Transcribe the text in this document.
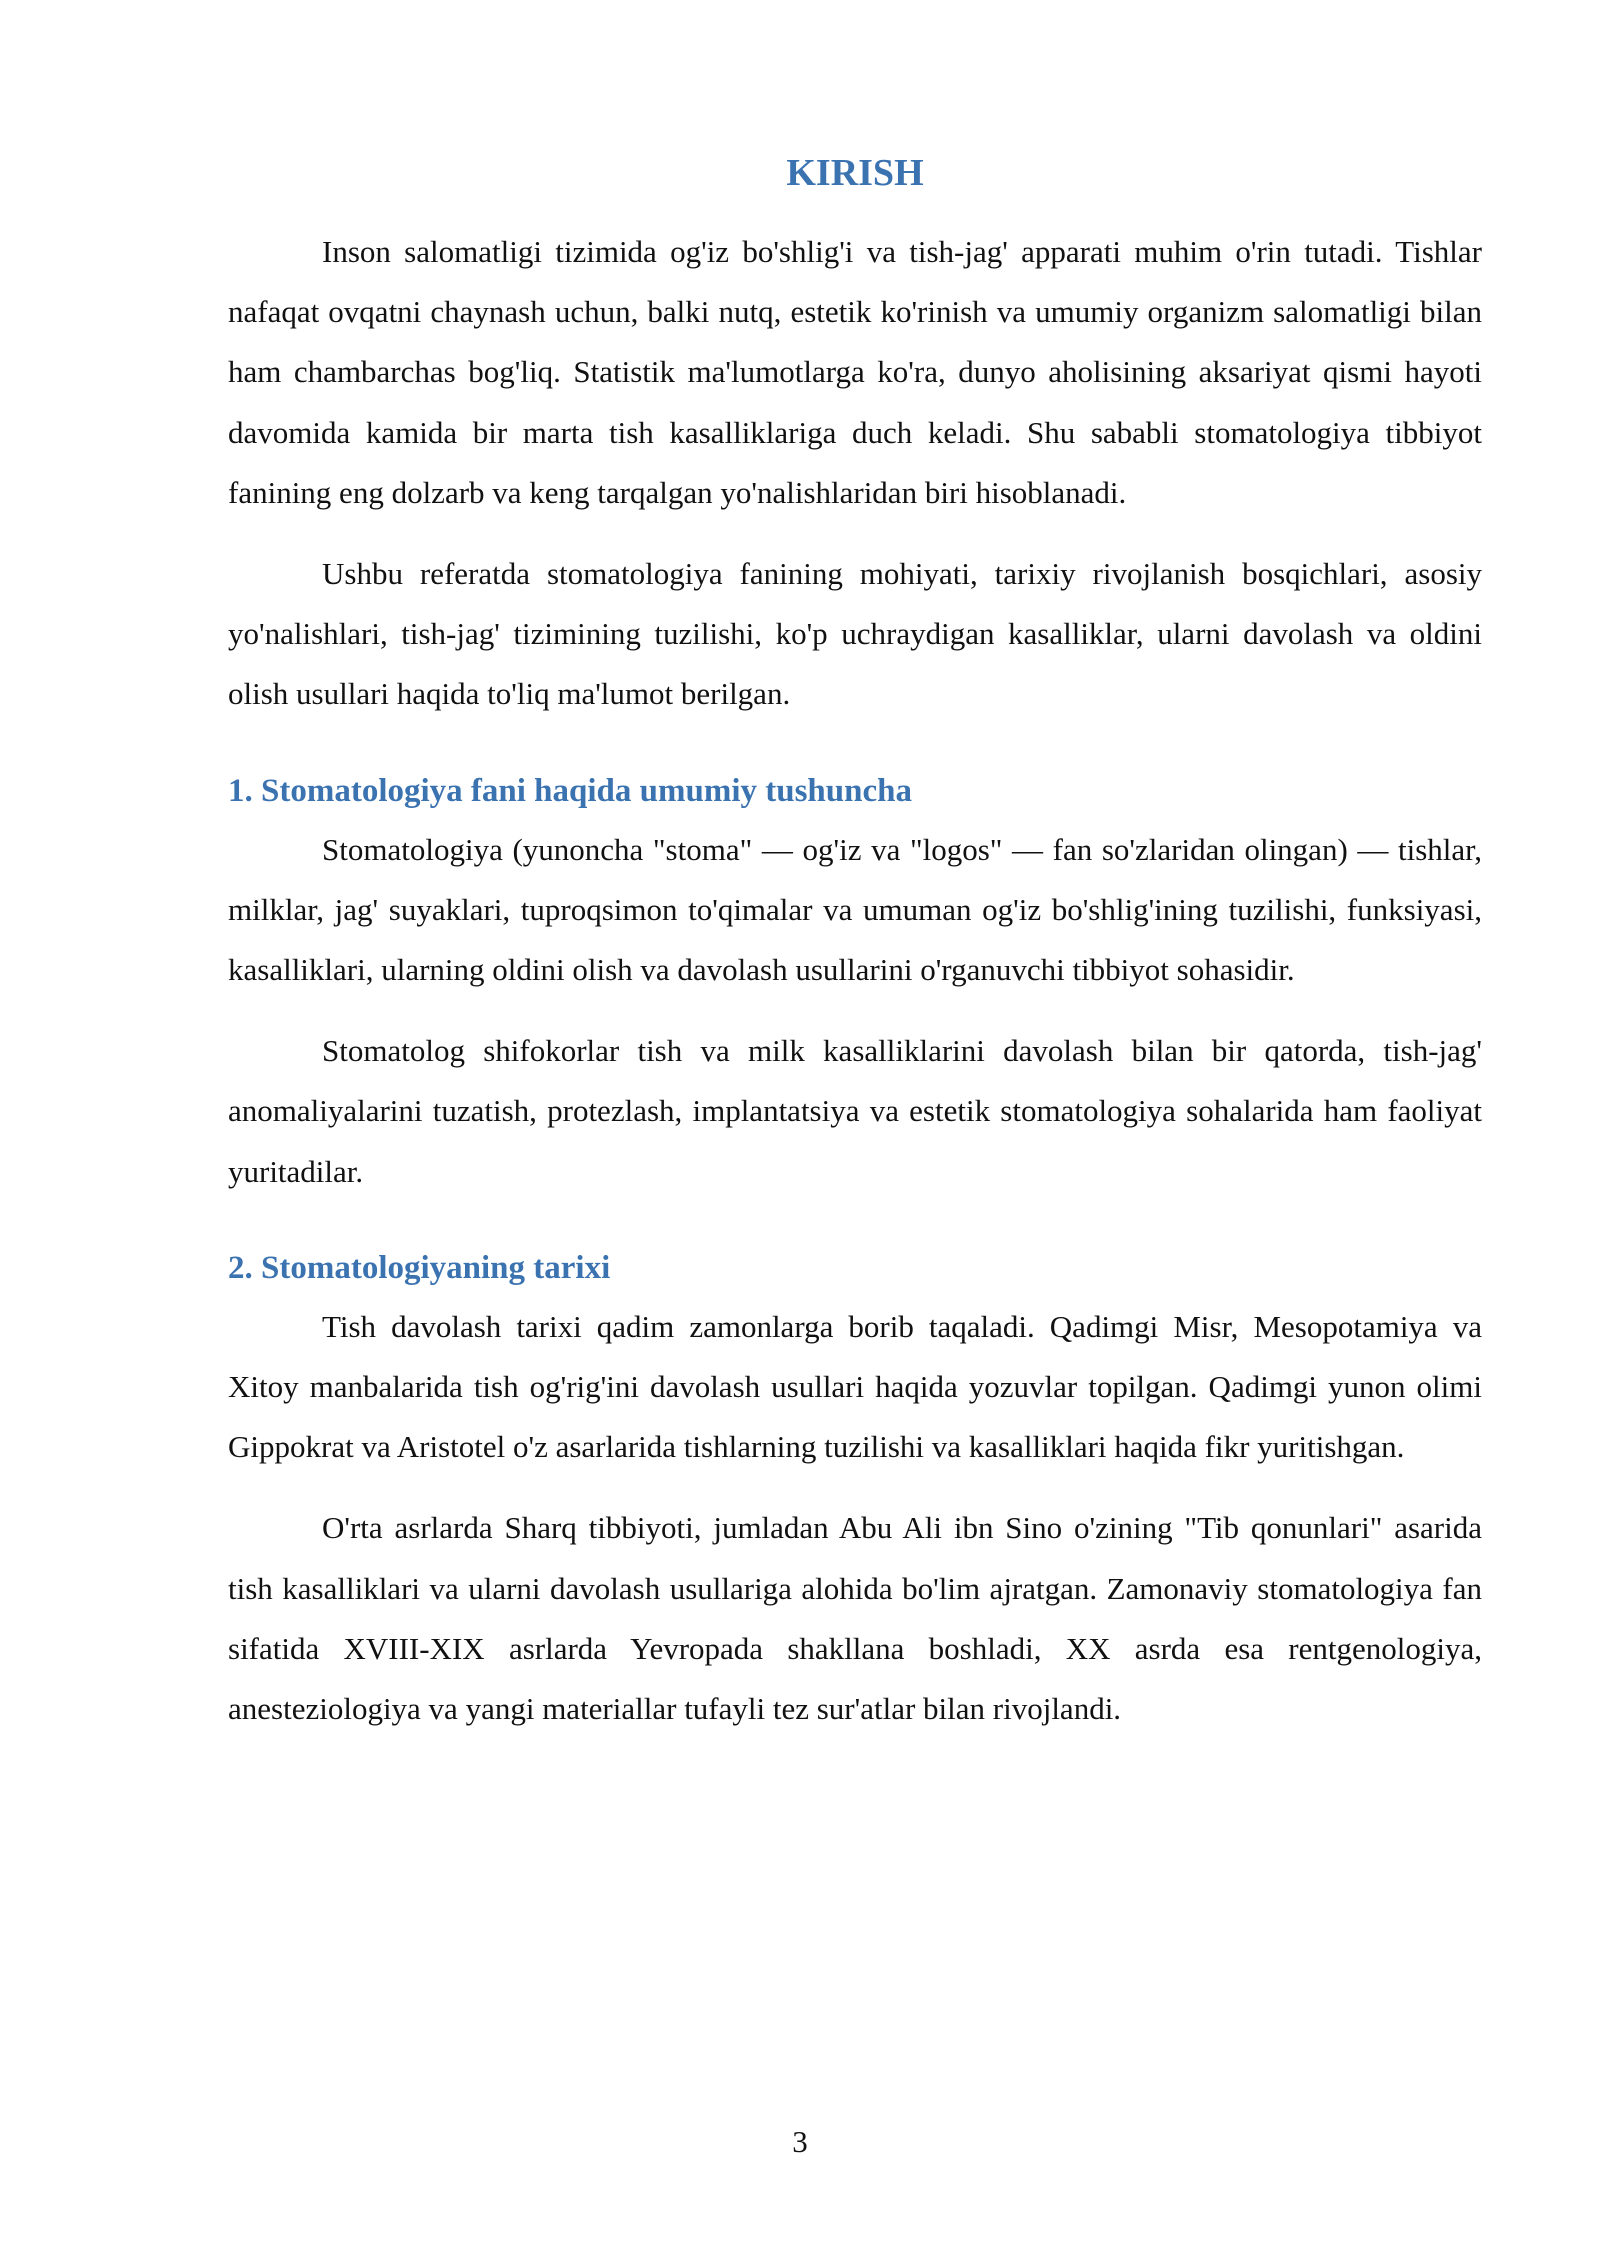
KIRISH

Inson salomatligi tizimida og'iz bo'shlig'i va tish-jag' apparati muhim o'rin tutadi. Tishlar nafaqat ovqatni chaynash uchun, balki nutq, estetik ko'rinish va umumiy organizm salomatligi bilan ham chambarchas bog'liq. Statistik ma'lumotlarga ko'ra, dunyo aholisining aksariyat qismi hayoti davomida kamida bir marta tish kasalliklariga duch keladi. Shu sababli stomatologiya tibbiyot fanining eng dolzarb va keng tarqalgan yo'nalishlaridan biri hisoblanadi.

Ushbu referatda stomatologiya fanining mohiyati, tarixiy rivojlanish bosqichlari, asosiy yo'nalishlari, tish-jag' tizimining tuzilishi, ko'p uchraydigan kasalliklar, ularni davolash va oldini olish usullari haqida to'liq ma'lumot berilgan.

1. Stomatologiya fani haqida umumiy tushuncha

Stomatologiya (yunoncha "stoma" — og'iz va "logos" — fan so'zlaridan olingan) — tishlar, milklar, jag' suyaklari, tuproqsimon to'qimalar va umuman og'iz bo'shlig'ining tuzilishi, funksiyasi, kasalliklari, ularning oldini olish va davolash usullarini o'rganuvchi tibbiyot sohasidir.

Stomatolog shifokorlar tish va milk kasalliklarini davolash bilan bir qatorda, tish-jag' anomaliyalarini tuzatish, protezlash, implantatsiya va estetik stomatologiya sohalarida ham faoliyat yuritadilar.

2. Stomatologiyaning tarixi

Tish davolash tarixi qadim zamonlarga borib taqaladi. Qadimgi Misr, Mesopotamiya va Xitoy manbalarida tish og'rig'ini davolash usullari haqida yozuvlar topilgan. Qadimgi yunon olimi Gippokrat va Aristotel o'z asarlarida tishlarning tuzilishi va kasalliklari haqida fikr yuritishgan.

O'rta asrlarda Sharq tibbiyoti, jumladan Abu Ali ibn Sino o'zining "Tib qonunlari" asarida tish kasalliklari va ularni davolash usullariga alohida bo'lim ajratgan. Zamonaviy stomatologiya fan sifatida XVIII-XIX asrlarda Yevropada shakllana boshladi, XX asrda esa rentgenologiya, anesteziologiya va yangi materiallar tufayli tez sur'atlar bilan rivojlandi.

3
